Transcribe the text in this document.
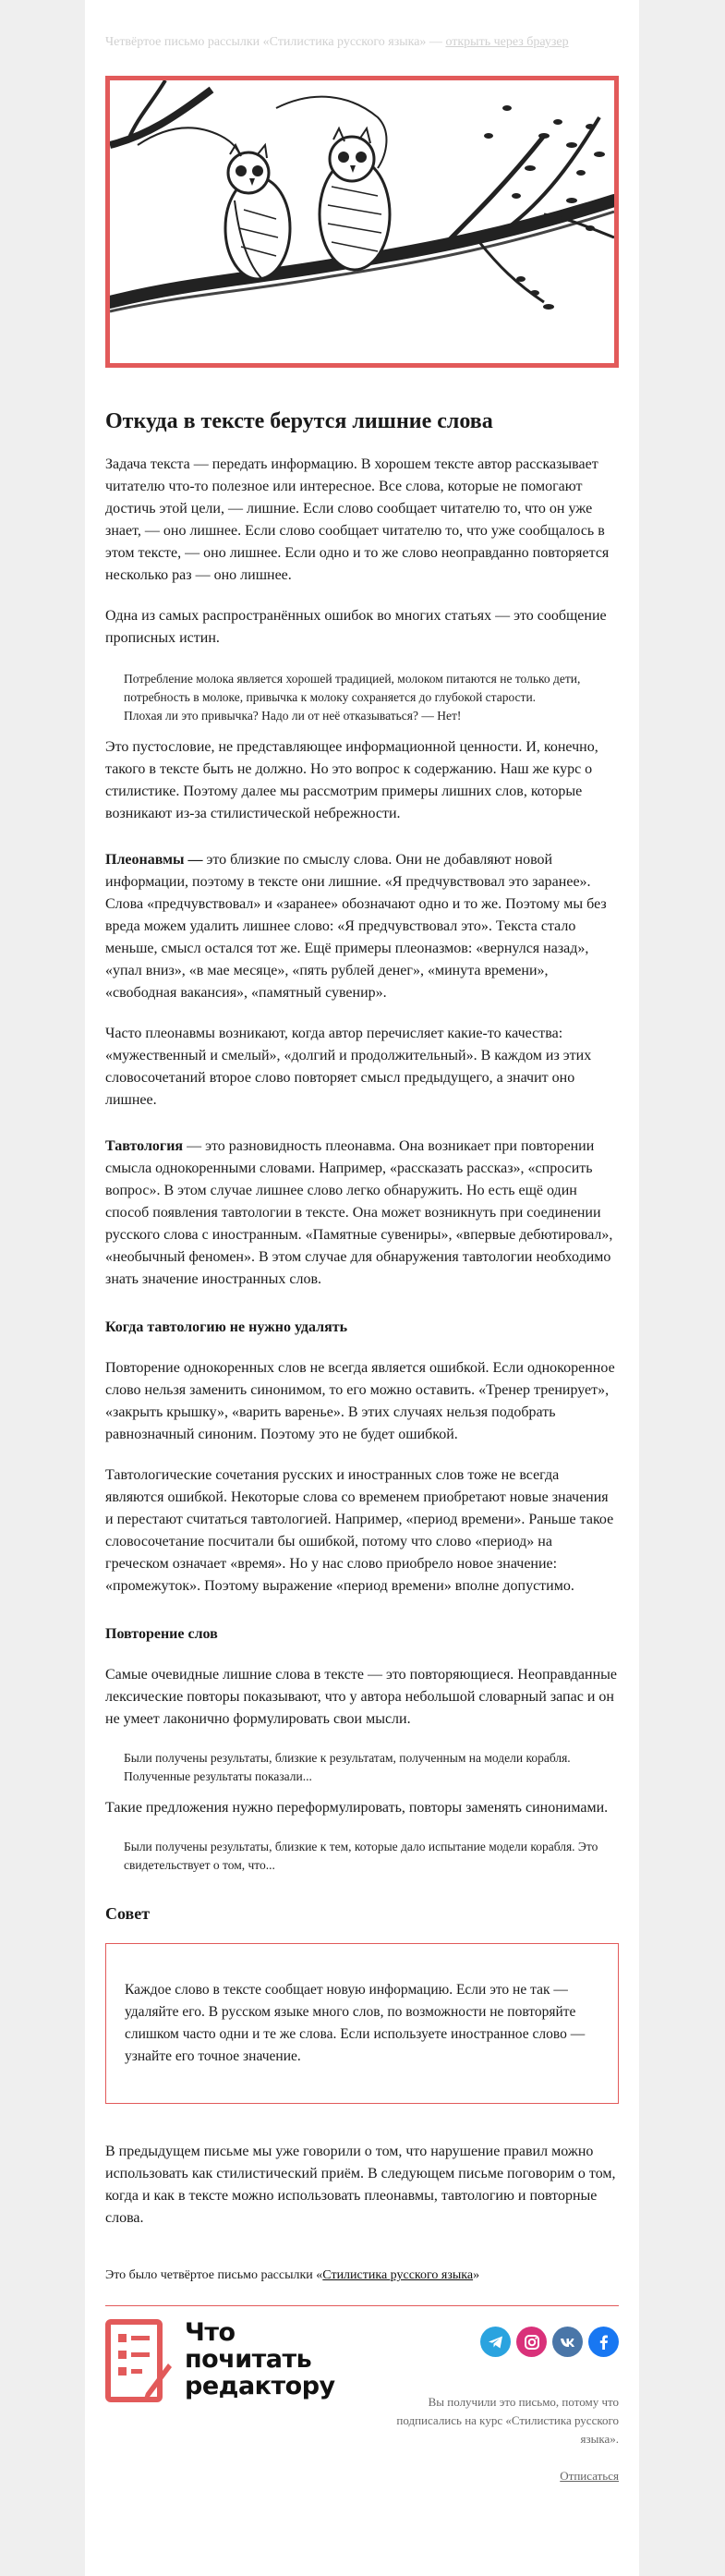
Четвёртое письмо рассылки «Стилистика русского языка» — открыть через браузер
Откуда в тексте берутся лишние слова

Задача текста — передать информацию. В хорошем тексте автор рассказывает читателю что-то полезное или интересное. Все слова, которые не помогают достичь этой цели, — лишние. Если слово сообщает читателю то, что он уже знает, — оно лишнее. Если слово сообщает читателю то, что уже сообщалось в этом тексте, — оно лишнее. Если одно и то же слово неоправданно повторяется несколько раз — оно лишнее.

Одна из самых распространённых ошибок во многих статьях — это сообщение прописных истин.

Потребление молока является хорошей традицией, молоком питаются не только дети, потребность в молоке, привычка к молоку сохраняется до глубокой старости.
Плохая ли это привычка? Надо ли от неё отказываться? — Нет!

Это пустословие, не представляющее информационной ценности. И, конечно, такого в тексте быть не должно. Но это вопрос к содержанию. Наш же курс о стилистике. Поэтому далее мы рассмотрим примеры лишних слов, которые возникают из-за стилистической небрежности.

Плеонавмы — это близкие по смыслу слова. Они не добавляют новой информации, поэтому в тексте они лишние. «Я предчувствовал это заранее». Слова «предчувствовал» и «заранее» обозначают одно и то же. Поэтому мы без вреда можем удалить лишнее слово: «Я предчувствовал это». Текста стало меньше, смысл остался тот же. Ещё примеры плеоназмов: «вернулся назад», «упал вниз», «в мае месяце», «пять рублей денег», «минута времени», «свободная вакансия», «памятный сувенир».

Часто плеонавмы возникают, когда автор перечисляет какие-то качества: «мужественный и смелый», «долгий и продолжительный». В каждом из этих словосочетаний второе слово повторяет смысл предыдущего, а значит оно лишнее.

Тавтология — это разновидность плеонавма. Она возникает при повторении смысла однокоренными словами. Например, «рассказать рассказ», «спросить вопрос». В этом случае лишнее слово легко обнаружить. Но есть ещё один способ появления тавтологии в тексте. Она может возникнуть при соединении русского слова с иностранным. «Памятные сувениры», «впервые дебютировал», «необычный феномен». В этом случае для обнаружения тавтологии необходимо знать значение иностранных слов.

Когда тавтологию не нужно удалять

Повторение однокоренных слов не всегда является ошибкой. Если однокоренное слово нельзя заменить синонимом, то его можно оставить. «Тренер тренирует», «закрыть крышку», «варить варенье». В этих случаях нельзя подобрать равнозначный синоним. Поэтому это не будет ошибкой.

Тавтологические сочетания русских и иностранных слов тоже не всегда являются ошибкой. Некоторые слова со временем приобретают новые значения и перестают считаться тавтологией. Например, «период времени». Раньше такое словосочетание посчитали бы ошибкой, потому что слово «период» на греческом означает «время». Но у нас слово приобрело новое значение: «промежуток». Поэтому выражение «период времени» вполне допустимо.

Повторение слов

Самые очевидные лишние слова в тексте — это повторяющиеся. Неоправданные лексические повторы показывают, что у автора небольшой словарный запас и он не умеет лаконично формулировать свои мысли.

Были получены результаты, близкие к результатам, полученным на модели корабля.
Полученные результаты показали...

Такие предложения нужно переформулировать, повторы заменять синонимами.

Были получены результаты, близкие к тем, которые дало испытание модели корабля. Это свидетельствует о том, что...
Совет
Каждое слово в тексте сообщает новую информацию. Если это не так — удаляйте его. В русском языке много слов, по возможности не повторяйте слишком часто одни и те же слова. Если используете иностранное слово — узнайте его точное значение.

В предыдущем письме мы уже говорили о том, что нарушение правил можно использовать как стилистический приём. В следующем письме поговорим о том, когда и как в тексте можно использовать плеонавмы, тавтологию и повторные слова.

Это было четвёртое письмо рассылки «Стилистика русского языка»
Что
почитать
редактору
Вы получили это письмо, потому что подписались на курс «Стилистика русского языка».
Отписаться
